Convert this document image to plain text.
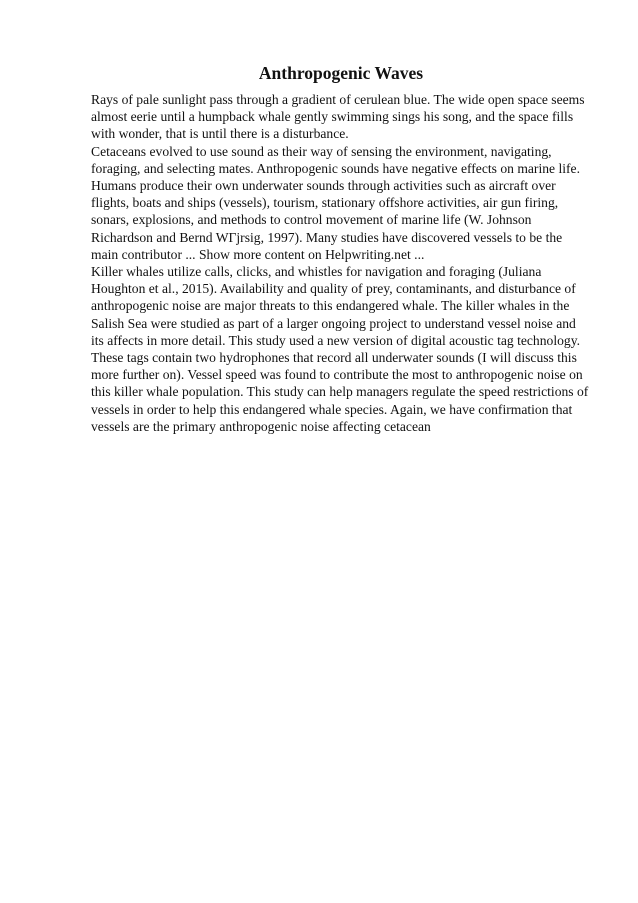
Anthropogenic Waves

Rays of pale sunlight pass through a gradient of cerulean blue. The wide open space seems almost eerie until a humpback whale gently swimming sings his song, and the space fills with wonder, that is until there is a disturbance.

Cetaceans evolved to use sound as their way of sensing the environment, navigating, foraging, and selecting mates. Anthropogenic sounds have negative effects on marine life. Humans produce their own underwater sounds through activities such as aircraft over flights, boats and ships (vessels), tourism, stationary offshore activities, air gun firing, sonars, explosions, and methods to control movement of marine life (W. Johnson Richardson and Bernd WΓjrsig, 1997). Many studies have discovered vessels to be the main contributor ... Show more content on Helpwriting.net ...

Killer whales utilize calls, clicks, and whistles for navigation and foraging (Juliana Houghton et al., 2015). Availability and quality of prey, contaminants, and disturbance of anthropogenic noise are major threats to this endangered whale. The killer whales in the Salish Sea were studied as part of a larger ongoing project to understand vessel noise and its affects in more detail. This study used a new version of digital acoustic tag technology. These tags contain two hydrophones that record all underwater sounds (I will discuss this more further on). Vessel speed was found to contribute the most to anthropogenic noise on this killer whale population. This study can help managers regulate the speed restrictions of vessels in order to help this endangered whale species. Again, we have confirmation that vessels are the primary anthropogenic noise affecting cetacean
